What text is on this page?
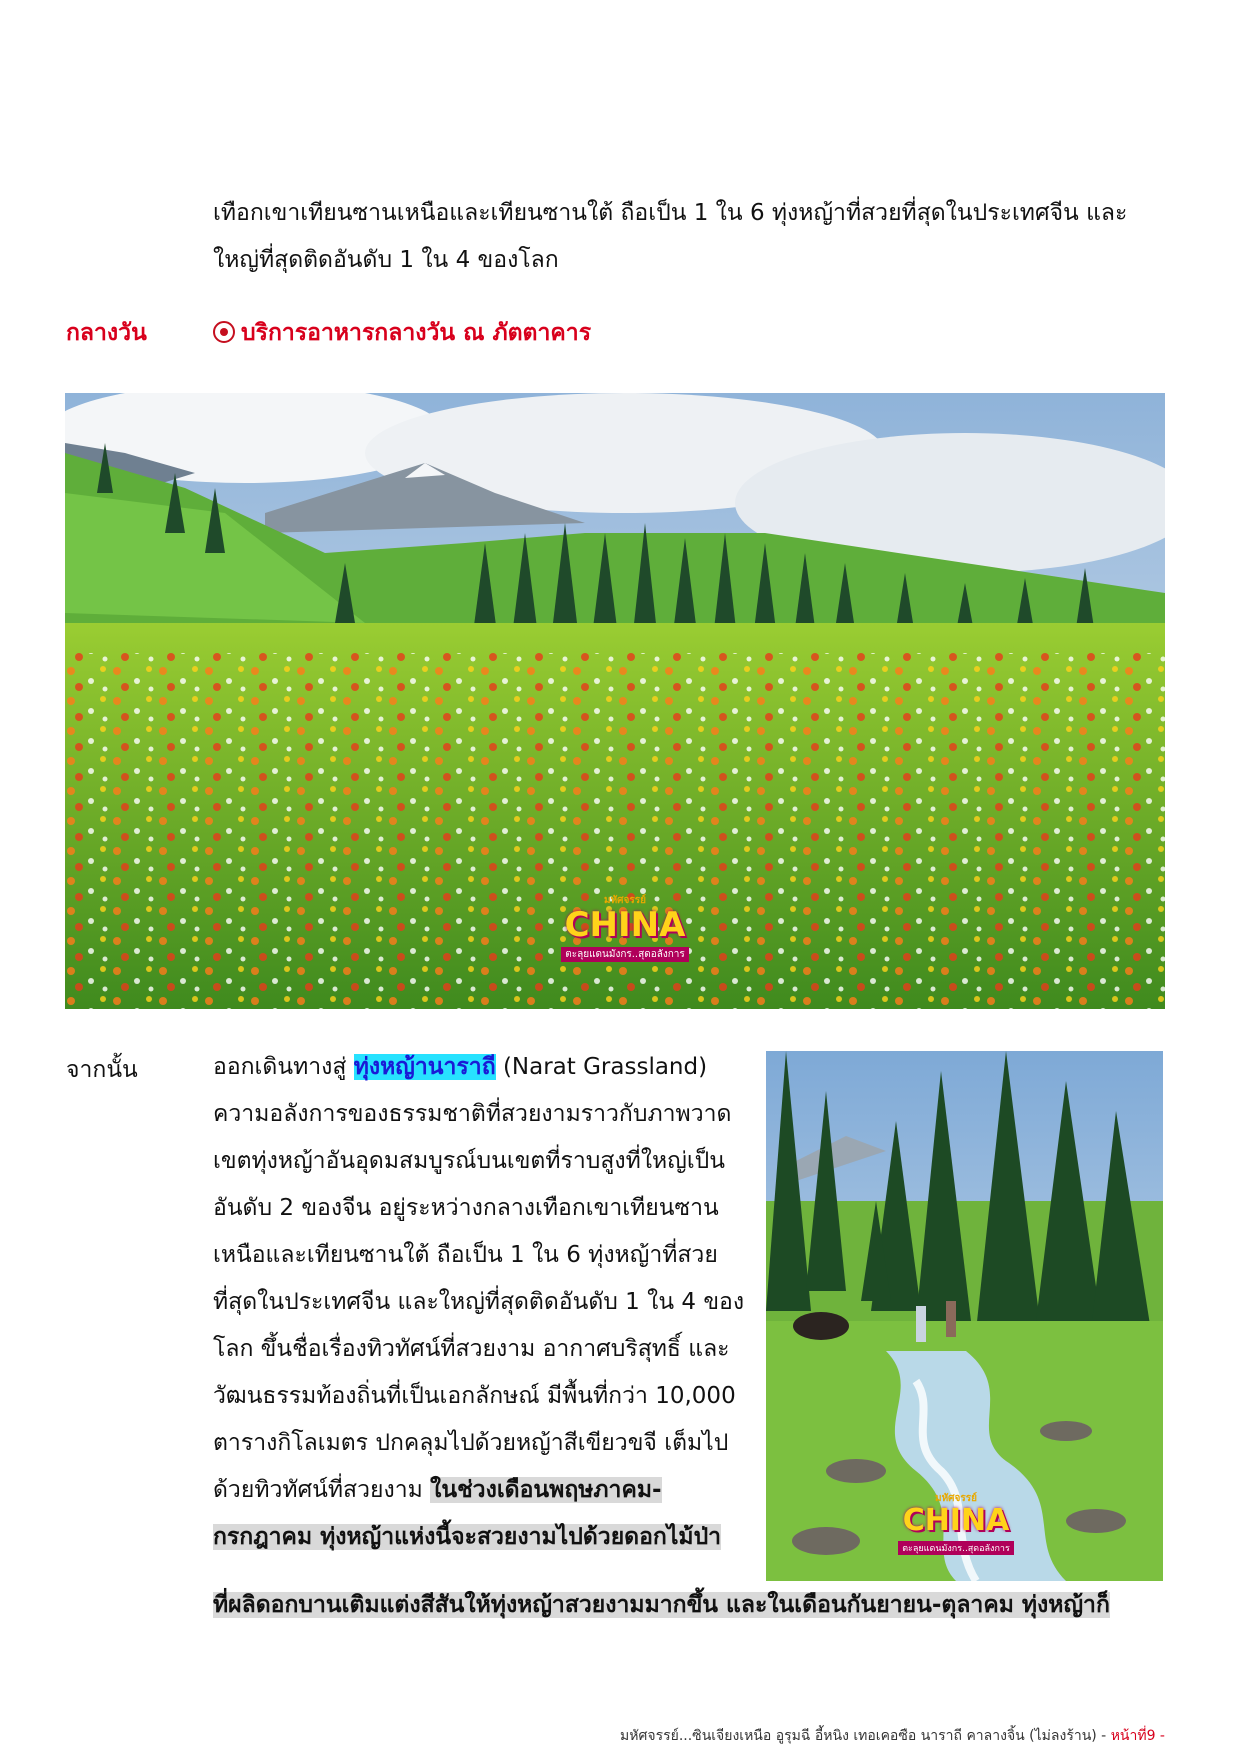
เทือกเขาเทียนซานเหนือและเทียนซานใต้ ถือเป็น 1 ใน 6 ทุ่งหญ้าที่สวยที่สุดในประเทศจีน และ
ใหญ่ที่สุดติดอันดับ 1 ใน 4 ของโลก
กลางวัน	บริการอาหารกลางวัน ณ ภัตตาคาร
มหัศจรรย์
CHINA
ตะลุยแดนมังกร..สุดอลังการ
จากนั้น	ออกเดินทางสู่ ทุ่งหญ้านาราถี (Narat Grassland)
ความอลังการของธรรมชาติที่สวยงามราวกับภาพวาด
เขตทุ่งหญ้าอันอุดมสมบูรณ์บนเขตที่ราบสูงที่ใหญ่เป็น
อันดับ 2 ของจีน อยู่ระหว่างกลางเทือกเขาเทียนซาน
เหนือและเทียนซานใต้ ถือเป็น 1 ใน 6 ทุ่งหญ้าที่สวย
ที่สุดในประเทศจีน และใหญ่ที่สุดติดอันดับ 1 ใน 4 ของ
โลก ขึ้นชื่อเรื่องทิวทัศน์ที่สวยงาม อากาศบริสุทธิ์ และ
วัฒนธรรมท้องถิ่นที่เป็นเอกลักษณ์ มีพื้นที่กว่า 10,000
ตารางกิโลเมตร ปกคลุมไปด้วยหญ้าสีเขียวขจี เต็มไป
ด้วยทิวทัศน์ที่สวยงาม ในช่วงเดือนพฤษภาคม-
กรกฎาคม ทุ่งหญ้าแห่งนี้จะสวยงามไปด้วยดอกไม้ป่า
ที่ผลิดอกบานเติมแต่งสีสันให้ทุ่งหญ้าสวยงามมากขึ้น และในเดือนกันยายน-ตุลาคม ทุ่งหญ้าก็
มหัศจรรย์
CHINA
ตะลุยแดนมังกร..สุดอลังการ
มหัศจรรย์...ซินเจียงเหนือ อูรุมฉี อี้หนิง เทอเคอซือ นาราถี คาลางจิ้น (ไม่ลงร้าน) - หน้าที่9 -
